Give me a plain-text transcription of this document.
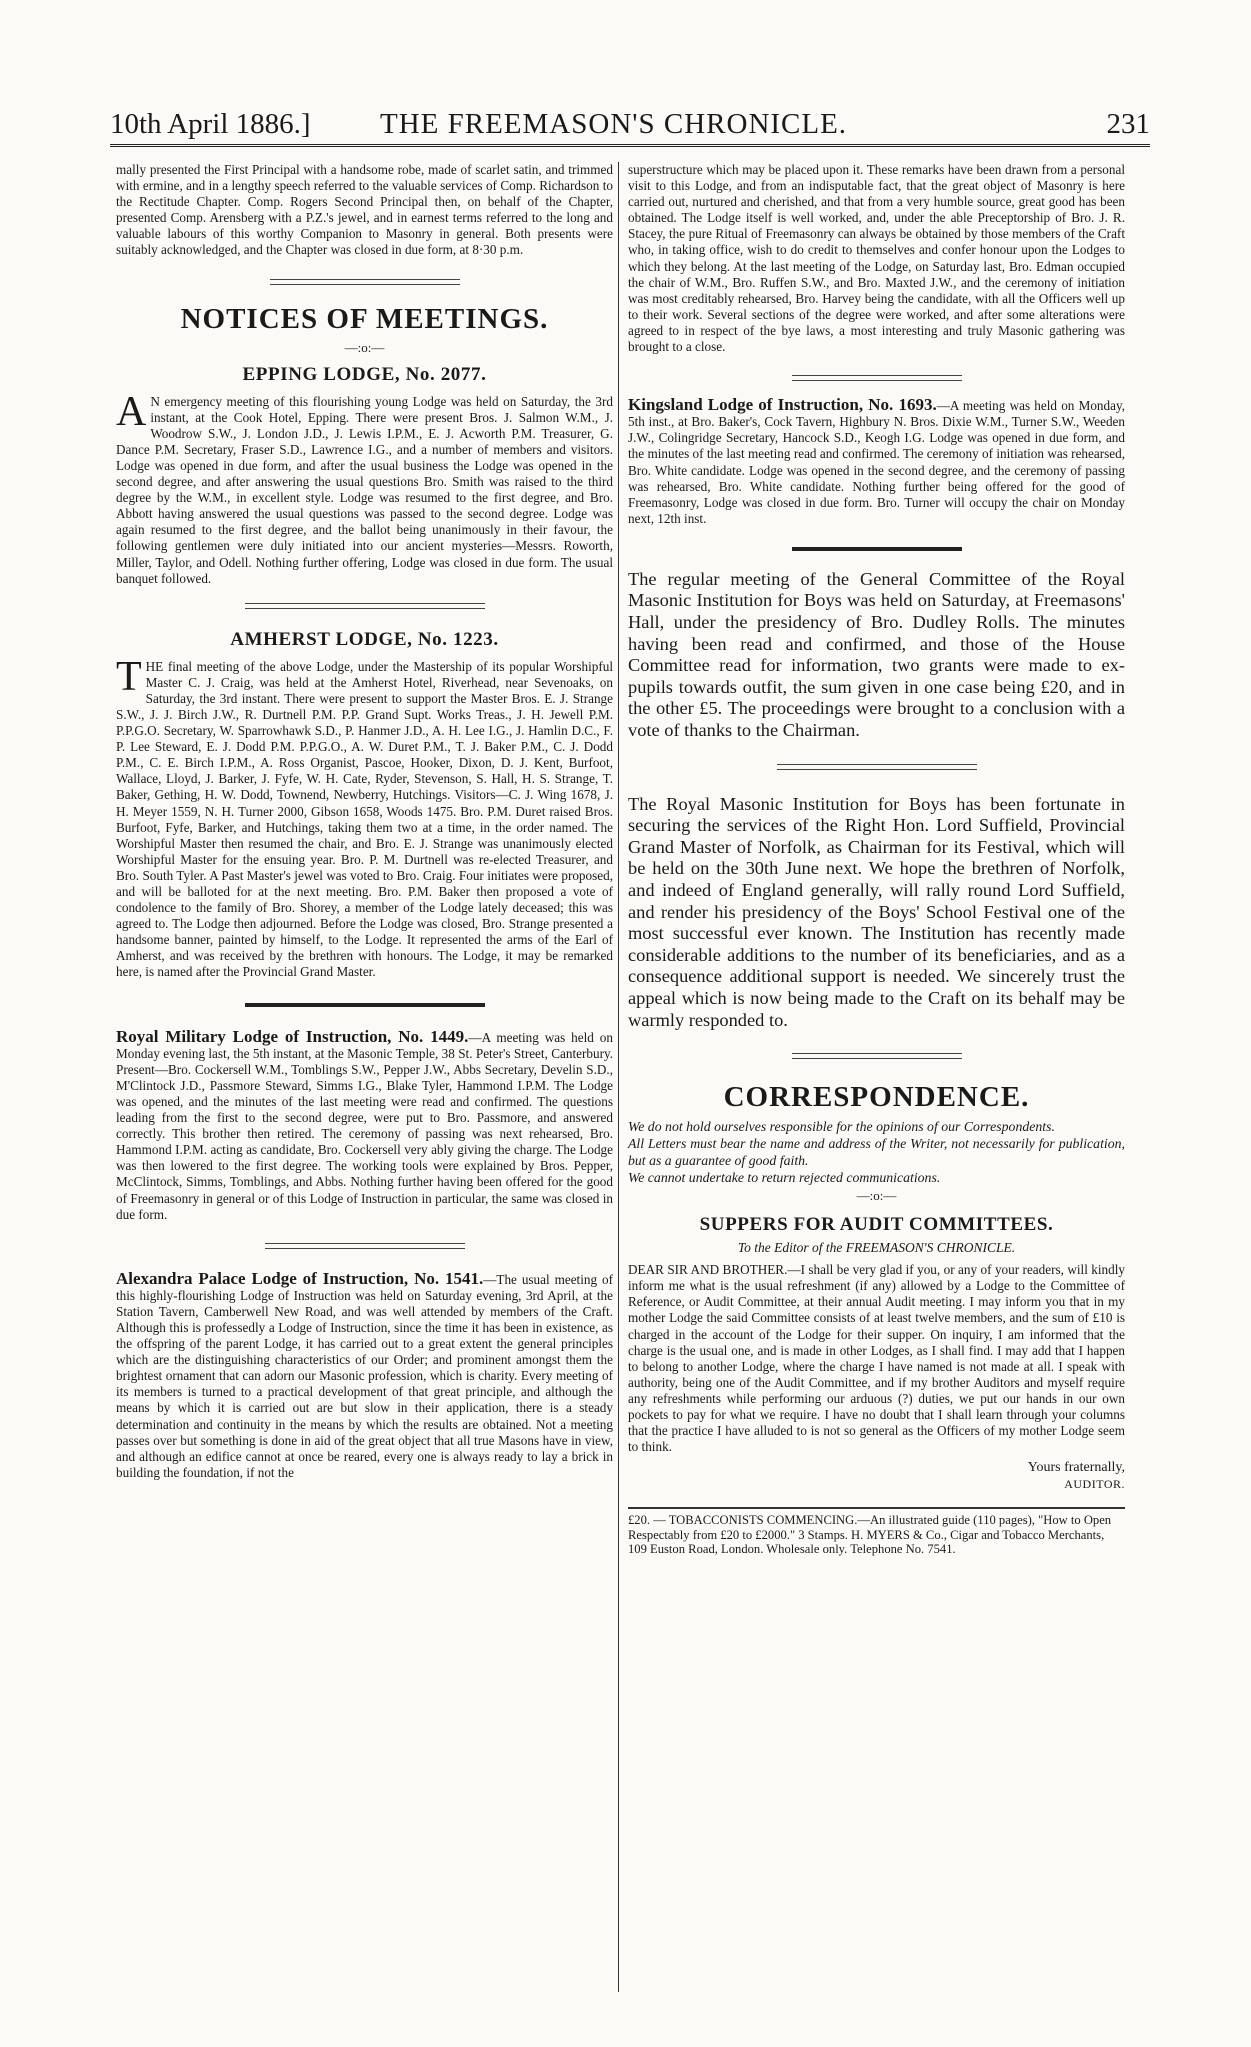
10th April 1886.] THE FREEMASON'S CHRONICLE.	231

mally presented the First Principal with a handsome robe, made of scarlet satin, and trimmed with ermine, and in a lengthy speech referred to the valuable services of Comp. Richardson to the Rectitude Chapter. Comp. Rogers Second Principal then, on behalf of the Chapter, presented Comp. Arensberg with a P.Z.'s jewel, and in earnest terms referred to the long and valuable labours of this worthy Companion to Masonry in general. Both presents were suitably acknowledged, and the Chapter was closed in due form, at 8·30 p.m.

NOTICES OF MEETINGS.
—:o:—
EPPING LODGE, No. 2077.
A N emergency meeting of this flourishing young Lodge was held on Saturday, the 3rd instant, at the Cook Hotel, Epping. There were present Bros. J. Salmon W.M., J. Woodrow S.W., J. London J.D., J. Lewis I.P.M., E. J. Acworth P.M. Treasurer, G. Dance P.M. Secretary, Fraser S.D., Lawrence I.G., and a number of members and visitors. Lodge was opened in due form, and after the usual business the Lodge was opened in the second degree, and after answering the usual questions Bro. Smith was raised to the third degree by the W.M., in excellent style. Lodge was resumed to the first degree, and Bro. Abbott having answered the usual questions was passed to the second degree. Lodge was again resumed to the first degree, and the ballot being unanimously in their favour, the following gentlemen were duly initiated into our ancient mysteries—Messrs. Roworth, Miller, Taylor, and Odell. Nothing further offering, Lodge was closed in due form. The usual banquet followed.

AMHERST LODGE, No. 1223.
T HE final meeting of the above Lodge, under the Mastership of its popular Worshipful Master C. J. Craig, was held at the Amherst Hotel, Riverhead, near Sevenoaks, on Saturday, the 3rd instant. There were present to support the Master Bros. E. J. Strange S.W., J. J. Birch J.W., R. Durtnell P.M. P.P. Grand Supt. Works Treas., J. H. Jewell P.M. P.P.G.O. Secretary, W. Sparrowhawk S.D., P. Hanmer J.D., A. H. Lee I.G., J. Hamlin D.C., F. P. Lee Steward, E. J. Dodd P.M. P.P.G.O., A. W. Duret P.M., T. J. Baker P.M., C. J. Dodd P.M., C. E. Birch I.P.M., A. Ross Organist, Pascoe, Hooker, Dixon, D. J. Kent, Burfoot, Wallace, Lloyd, J. Barker, J. Fyfe, W. H. Cate, Ryder, Stevenson, S. Hall, H. S. Strange, T. Baker, Gething, H. W. Dodd, Townend, Newberry, Hutchings. Visitors—C. J. Wing 1678, J. H. Meyer 1559, N. H. Turner 2000, Gibson 1658, Woods 1475. Bro. P.M. Duret raised Bros. Burfoot, Fyfe, Barker, and Hutchings, taking them two at a time, in the order named. The Worshipful Master then resumed the chair, and Bro. E. J. Strange was unanimously elected Worshipful Master for the ensuing year. Bro. P. M. Durtnell was re-elected Treasurer, and Bro. South Tyler. A Past Master's jewel was voted to Bro. Craig. Four initiates were proposed, and will be balloted for at the next meeting. Bro. P.M. Baker then proposed a vote of condolence to the family of Bro. Shorey, a member of the Lodge lately deceased; this was agreed to. The Lodge then adjourned. Before the Lodge was closed, Bro. Strange presented a handsome banner, painted by himself, to the Lodge. It represented the arms of the Earl of Amherst, and was received by the brethren with honours. The Lodge, it may be remarked here, is named after the Provincial Grand Master.

Royal Military Lodge of Instruction, No. 1449.—A meeting was held on Monday evening last, the 5th instant, at the Masonic Temple, 38 St. Peter's Street, Canterbury. Present—Bro. Cockersell W.M., Tomblings S.W., Pepper J.W., Abbs Secretary, Develin S.D., M'Clintock J.D., Passmore Steward, Simms I.G., Blake Tyler, Hammond I.P.M. The Lodge was opened, and the minutes of the last meeting were read and confirmed. The questions leading from the first to the second degree, were put to Bro. Passmore, and answered correctly. This brother then retired. The ceremony of passing was next rehearsed, Bro. Hammond I.P.M. acting as candidate, Bro. Cockersell very ably giving the charge. The Lodge was then lowered to the first degree. The working tools were explained by Bros. Pepper, McClintock, Simms, Tomblings, and Abbs. Nothing further having been offered for the good of Freemasonry in general or of this Lodge of Instruction in particular, the same was closed in due form.

Alexandra Palace Lodge of Instruction, No. 1541.—The usual meeting of this highly-flourishing Lodge of Instruction was held on Saturday evening, 3rd April, at the Station Tavern, Camberwell New Road, and was well attended by members of the Craft. Although this is professedly a Lodge of Instruction, since the time it has been in existence, as the offspring of the parent Lodge, it has carried out to a great extent the general principles which are the distinguishing characteristics of our Order; and prominent amongst them the brightest ornament that can adorn our Masonic profession, which is charity. Every meeting of its members is turned to a practical development of that great principle, and although the means by which it is carried out are but slow in their application, there is a steady determination and continuity in the means by which the results are obtained. Not a meeting passes over but something is done in aid of the great object that all true Masons have in view, and although an edifice cannot at once be reared, every one is always ready to lay a brick in building the foundation, if not the

superstructure which may be placed upon it. These remarks have been drawn from a personal visit to this Lodge, and from an indisputable fact, that the great object of Masonry is here carried out, nurtured and cherished, and that from a very humble source, great good has been obtained. The Lodge itself is well worked, and, under the able Preceptorship of Bro. J. R. Stacey, the pure Ritual of Freemasonry can always be obtained by those members of the Craft who, in taking office, wish to do credit to themselves and confer honour upon the Lodges to which they belong. At the last meeting of the Lodge, on Saturday last, Bro. Edman occupied the chair of W.M., Bro. Ruffen S.W., and Bro. Maxted J.W., and the ceremony of initiation was most creditably rehearsed, Bro. Harvey being the candidate, with all the Officers well up to their work. Several sections of the degree were worked, and after some alterations were agreed to in respect of the bye laws, a most interesting and truly Masonic gathering was brought to a close.

Kingsland Lodge of Instruction, No. 1693.—A meeting was held on Monday, 5th inst., at Bro. Baker's, Cock Tavern, Highbury N. Bros. Dixie W.M., Turner S.W., Weeden J.W., Colingridge Secretary, Hancock S.D., Keogh I.G. Lodge was opened in due form, and the minutes of the last meeting read and confirmed. The ceremony of initiation was rehearsed, Bro. White candidate. Lodge was opened in the second degree, and the ceremony of passing was rehearsed, Bro. White candidate. Nothing further being offered for the good of Freemasonry, Lodge was closed in due form. Bro. Turner will occupy the chair on Monday next, 12th inst.

The regular meeting of the General Committee of the Royal Masonic Institution for Boys was held on Saturday, at Freemasons' Hall, under the presidency of Bro. Dudley Rolls. The minutes having been read and confirmed, and those of the House Committee read for information, two grants were made to ex-pupils towards outfit, the sum given in one case being £20, and in the other £5. The proceedings were brought to a conclusion with a vote of thanks to the Chairman.

The Royal Masonic Institution for Boys has been fortunate in securing the services of the Right Hon. Lord Suffield, Provincial Grand Master of Norfolk, as Chairman for its Festival, which will be held on the 30th June next. We hope the brethren of Norfolk, and indeed of England generally, will rally round Lord Suffield, and render his presidency of the Boys' School Festival one of the most successful ever known. The Institution has recently made considerable additions to the number of its beneficiaries, and as a consequence additional support is needed. We sincerely trust the appeal which is now being made to the Craft on its behalf may be warmly responded to.

CORRESPONDENCE.

We do not hold ourselves responsible for the opinions of our Correspondents.

All Letters must bear the name and address of the Writer, not necessarily for publication, but as a guarantee of good faith.

We cannot undertake to return rejected communications.

—:o:—
SUPPERS FOR AUDIT COMMITTEES.
To the Editor of the FREEMASON'S CHRONICLE.

DEAR SIR AND BROTHER.—I shall be very glad if you, or any of your readers, will kindly inform me what is the usual refreshment (if any) allowed by a Lodge to the Committee of Reference, or Audit Committee, at their annual Audit meeting. I may inform you that in my mother Lodge the said Committee consists of at least twelve members, and the sum of £10 is charged in the account of the Lodge for their supper. On inquiry, I am informed that the charge is the usual one, and is made in other Lodges, as I shall find. I may add that I happen to belong to another Lodge, where the charge I have named is not made at all. I speak with authority, being one of the Audit Committee, and if my brother Auditors and myself require any refreshments while performing our arduous (?) duties, we put our hands in our own pockets to pay for what we require. I have no doubt that I shall learn through your columns that the practice I have alluded to is not so general as the Officers of my mother Lodge seem to think.

Yours fraternally,
AUDITOR.
£20. — TOBACCONISTS COMMENCING.—An illustrated guide (110 pages), "How to Open Respectably from £20 to £2000." 3 Stamps. H. MYERS & Co., Cigar and Tobacco Merchants, 109 Euston Road, London. Wholesale only. Telephone No. 7541.
